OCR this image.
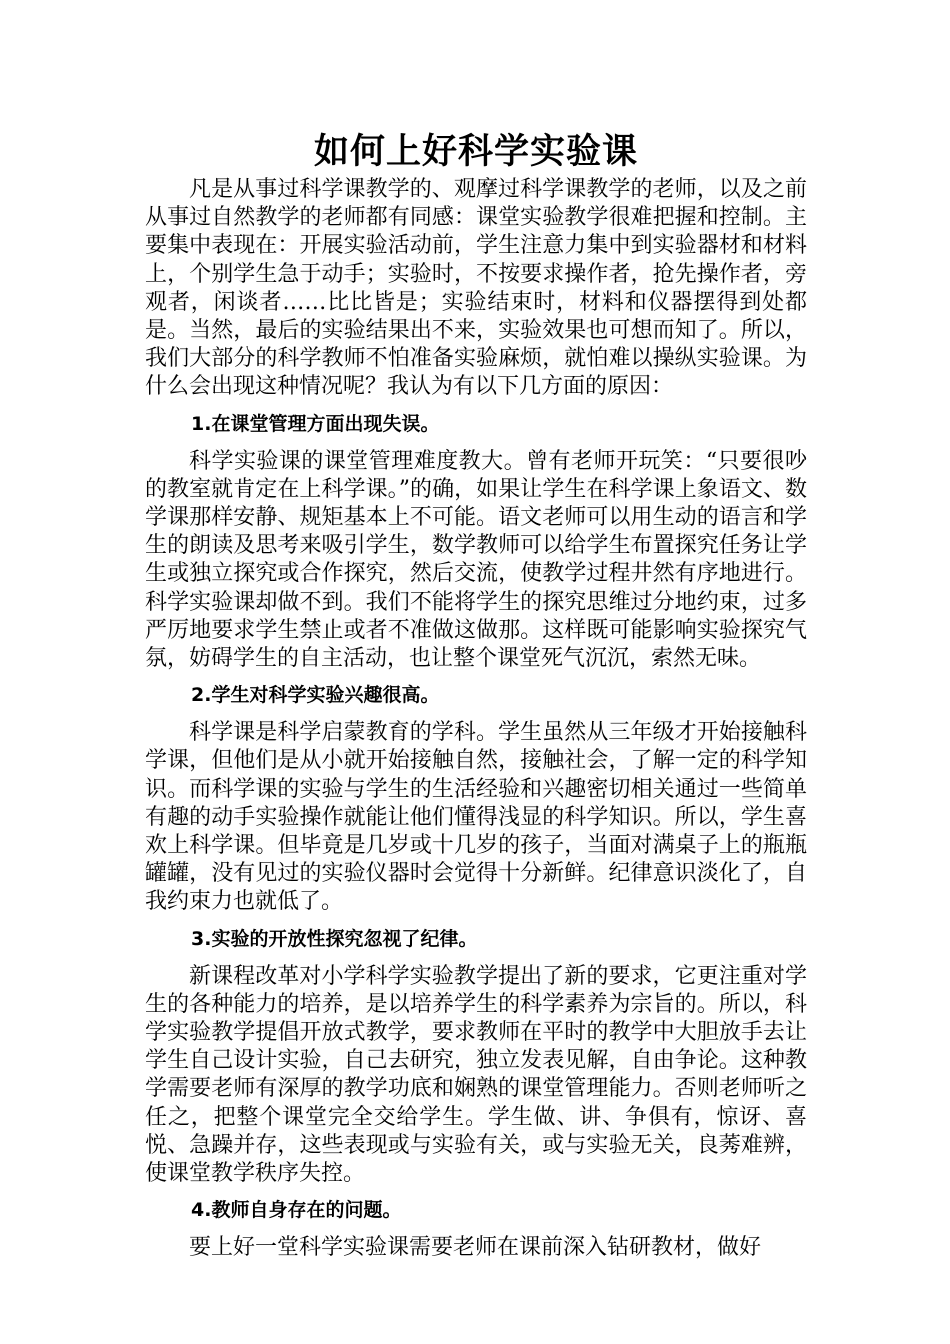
如何上好科学实验课

凡是从事过科学课教学的、观摩过科学课教学的老师，以及之前从事过自然教学的老师都有同感：课堂实验教学很难把握和控制。主要集中表现在：开展实验活动前，学生注意力集中到实验器材和材料上，个别学生急于动手；实验时，不按要求操作者，抢先操作者，旁观者，闲谈者……比比皆是；实验结束时，材料和仪器摆得到处都是。当然，最后的实验结果出不来，实验效果也可想而知了。所以，我们大部分的科学教师不怕准备实验麻烦，就怕难以操纵实验课。为什么会出现这种情况呢？我认为有以下几方面的原因：

1.在课堂管理方面出现失误。

科学实验课的课堂管理难度教大。曾有老师开玩笑：“只要很吵的教室就肯定在上科学课。”的确，如果让学生在科学课上象语文、数学课那样安静、规矩基本上不可能。语文老师可以用生动的语言和学生的朗读及思考来吸引学生，数学教师可以给学生布置探究任务让学生或独立探究或合作探究，然后交流，使教学过程井然有序地进行。科学实验课却做不到。我们不能将学生的探究思维过分地约束，过多严厉地要求学生禁止或者不准做这做那。这样既可能影响实验探究气氛，妨碍学生的自主活动，也让整个课堂死气沉沉，索然无味。

2.学生对科学实验兴趣很高。

科学课是科学启蒙教育的学科。学生虽然从三年级才开始接触科学课，但他们是从小就开始接触自然，接触社会，了解一定的科学知识。而科学课的实验与学生的生活经验和兴趣密切相关通过一些简单有趣的动手实验操作就能让他们懂得浅显的科学知识。所以，学生喜欢上科学课。但毕竟是几岁或十几岁的孩子，当面对满桌子上的瓶瓶罐罐，没有见过的实验仪器时会觉得十分新鲜。纪律意识淡化了，自我约束力也就低了。

3.实验的开放性探究忽视了纪律。

新课程改革对小学科学实验教学提出了新的要求，它更注重对学生的各种能力的培养，是以培养学生的科学素养为宗旨的。所以，科学实验教学提倡开放式教学，要求教师在平时的教学中大胆放手去让学生自己设计实验，自己去研究，独立发表见解，自由争论。这种教学需要老师有深厚的教学功底和娴熟的课堂管理能力。否则老师听之任之，把整个课堂完全交给学生。学生做、讲、争俱有，惊讶、喜悦、急躁并存，这些表现或与实验有关，或与实验无关，良莠难辨，使课堂教学秩序失控。

4.教师自身存在的问题。

要上好一堂科学实验课需要老师在课前深入钻研教材，做好
